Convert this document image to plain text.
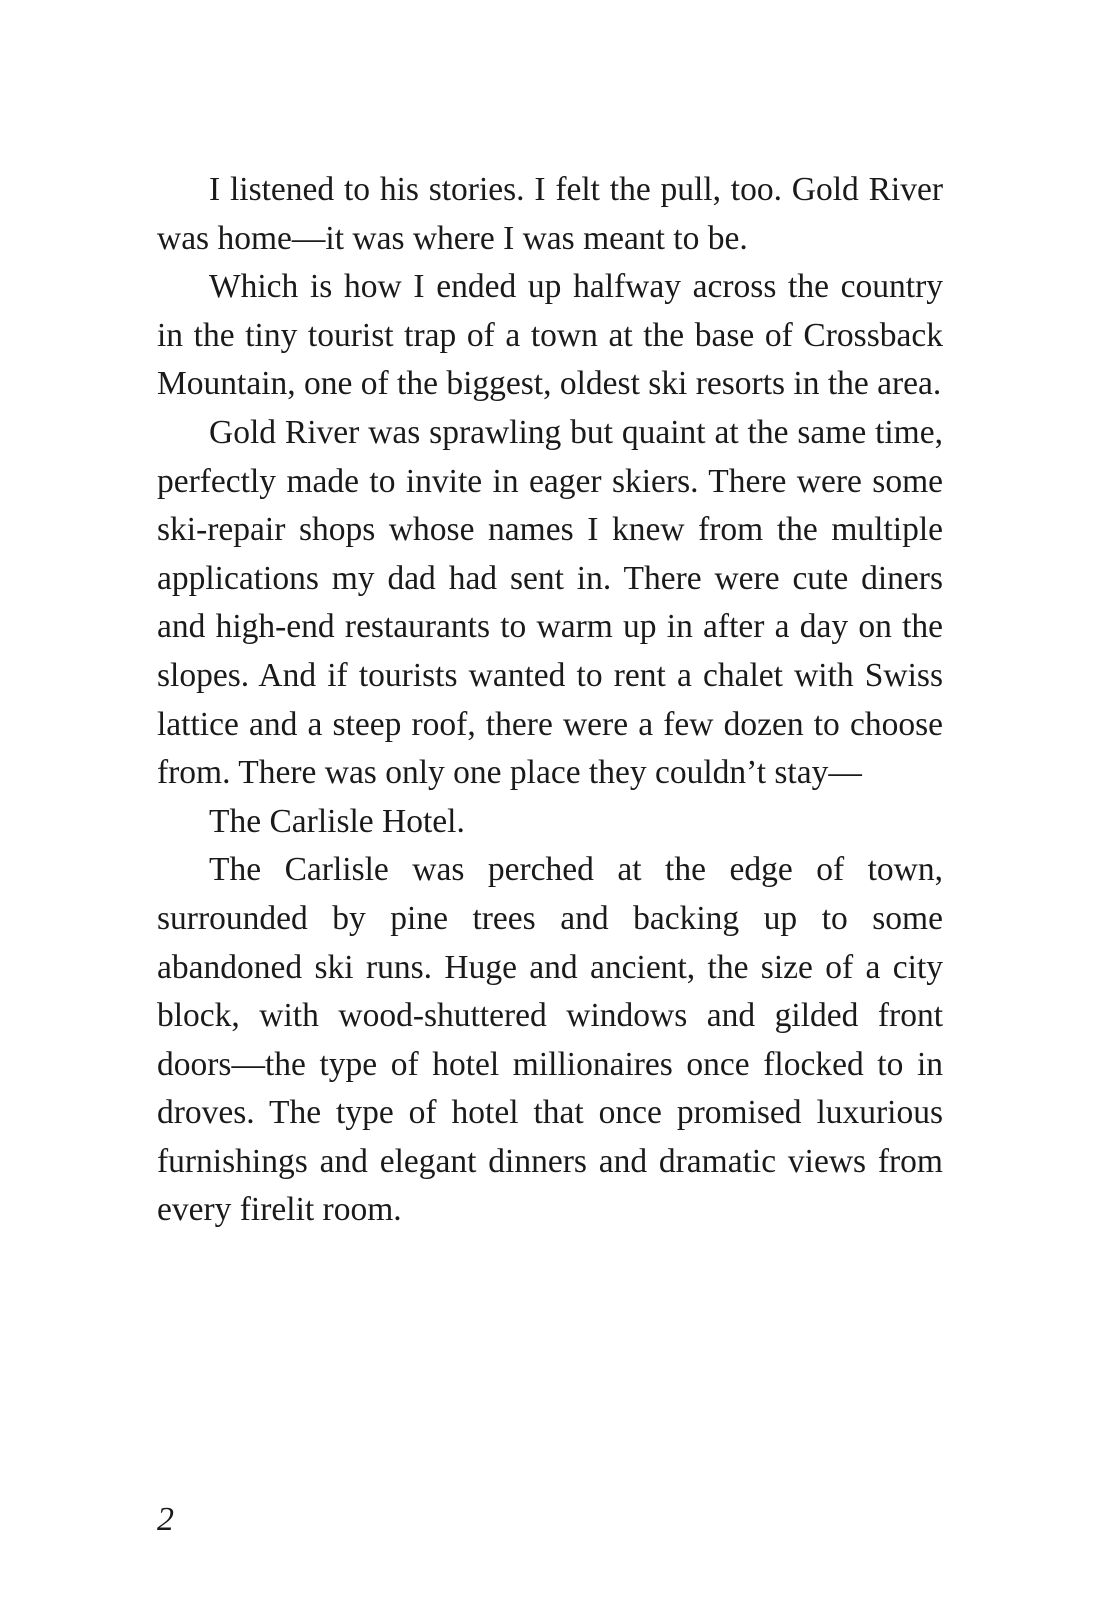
I listened to his stories. I felt the pull, too. Gold River was home—it was where I was meant to be.

Which is how I ended up halfway across the country in the tiny tourist trap of a town at the base of Crossback Mountain, one of the biggest, oldest ski resorts in the area.

Gold River was sprawling but quaint at the same time, perfectly made to invite in eager skiers. There were some ski-repair shops whose names I knew from the multiple applications my dad had sent in. There were cute diners and high-end restaurants to warm up in after a day on the slopes. And if tourists wanted to rent a chalet with Swiss lattice and a steep roof, there were a few dozen to choose from. There was only one place they couldn’t stay—

The Carlisle Hotel.

The Carlisle was perched at the edge of town, surrounded by pine trees and backing up to some abandoned ski runs. Huge and ancient, the size of a city block, with wood-shuttered windows and gilded front doors—the type of hotel millionaires once flocked to in droves. The type of hotel that once promised luxurious furnishings and elegant dinners and dramatic views from every firelit room.

2
